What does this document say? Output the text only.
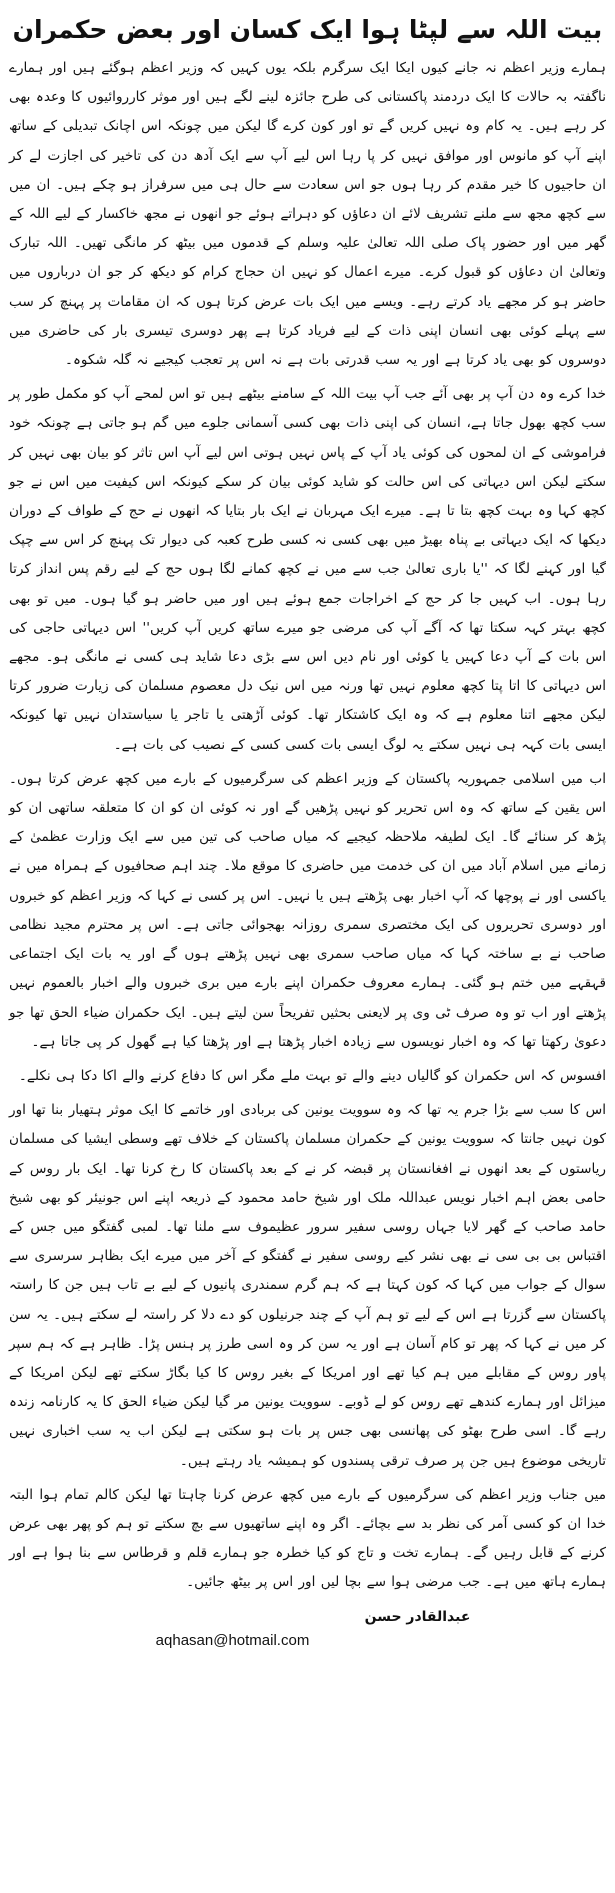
بیت اللہ سے لپٹا ہوا ایک کسان اور بعض حکمران

ہمارے وزیر اعظم نہ جانے کیوں ایکا ایک سرگرم بلکہ یوں کہیں کہ وزیر اعظم ہوگئے ہیں اور ہمارے ناگفتہ بہ حالات کا ایک دردمند پاکستانی کی طرح جائزہ لینے لگے ہیں اور موثر کارروائیوں کا وعدہ بھی کر رہے ہیں۔ یہ کام وہ نہیں کریں گے تو اور کون کرے گا لیکن میں چونکہ اس اچانک تبدیلی کے ساتھ اپنے آپ کو مانوس اور موافق نہیں کر پا رہا اس لیے آپ سے ایک آدھ دن کی تاخیر کی اجازت لے کر ان حاجیوں کا خیر مقدم کر رہا ہوں جو اس سعادت سے حال ہی میں سرفراز ہو چکے ہیں۔ ان میں سے کچھ مجھ سے ملنے تشریف لائے ان دعاؤں کو دہراتے ہوئے جو انھوں نے مجھ خاکسار کے لیے اللہ کے گھر میں اور حضور پاک صلی اللہ تعالیٰ علیہ وسلم کے قدموں میں بیٹھ کر مانگی تھیں۔ اللہ تبارک وتعالیٰ ان دعاؤں کو قبول کرے۔ میرے اعمال کو نہیں ان حجاج کرام کو دیکھ کر جو ان درباروں میں حاضر ہو کر مجھے یاد کرتے رہے۔ ویسے میں ایک بات عرض کرتا ہوں کہ ان مقامات پر پہنچ کر سب سے پہلے کوئی بھی انسان اپنی ذات کے لیے فریاد کرتا ہے پھر دوسری تیسری بار کی حاضری میں دوسروں کو بھی یاد کرتا ہے اور یہ سب قدرتی بات ہے نہ اس پر تعجب کیجیے نہ گلہ شکوہ۔

خدا کرے وہ دن آپ پر بھی آئے جب آپ بیت اللہ کے سامنے بیٹھے ہیں تو اس لمحے آپ کو مکمل طور پر سب کچھ بھول جاتا ہے، انسان کی اپنی ذات بھی کسی آسمانی جلوے میں گم ہو جاتی ہے چونکہ خود فراموشی کے ان لمحوں کی کوئی یاد آپ کے پاس نہیں ہوتی اس لیے آپ اس تاثر کو بیان بھی نہیں کر سکتے لیکن اس دیہاتی کی اس حالت کو شاید کوئی بیان کر سکے کیونکہ اس کیفیت میں اس نے جو کچھ کہا وہ بہت کچھ بتا تا ہے۔ میرے ایک مہربان نے ایک بار بتایا کہ انھوں نے حج کے طواف کے دوران دیکھا کہ ایک دیہاتی بے پناہ بھیڑ میں بھی کسی نہ کسی طرح کعبہ کی دیوار تک پہنچ کر اس سے چپک گیا اور کہنے لگا کہ ''یا باری تعالیٰ جب سے میں نے کچھ کمانے لگا ہوں حج کے لیے رقم پس انداز کرتا رہا ہوں۔ اب کہیں جا کر حج کے اخراجات جمع ہوئے ہیں اور میں حاضر ہو گیا ہوں۔ میں تو بھی کچھ بہتر کہہ سکتا تھا کہ آگے آپ کی مرضی جو میرے ساتھ کریں آپ کریں'' اس دیہاتی حاجی کی اس بات کے آپ دعا کہیں یا کوئی اور نام دیں اس سے بڑی دعا شاید ہی کسی نے مانگی ہو۔ مجھے اس دیہاتی کا اتا پتا کچھ معلوم نہیں تھا ورنہ میں اس نیک دل معصوم مسلمان کی زیارت ضرور کرتا لیکن مجھے اتنا معلوم ہے کہ وہ ایک کاشتکار تھا۔ کوئی آڑھتی یا تاجر یا سیاستدان نہیں تھا کیونکہ ایسی بات کہہ ہی نہیں سکتے یہ لوگ ایسی بات کسی کسی کے نصیب کی بات ہے۔

اب میں اسلامی جمہوریہ پاکستان کے وزیر اعظم کی سرگرمیوں کے بارے میں کچھ عرض کرتا ہوں۔ اس یقین کے ساتھ کہ وہ اس تحریر کو نہیں پڑھیں گے اور نہ کوئی ان کو ان کا متعلقہ ساتھی ان کو پڑھ کر سنائے گا۔ ایک لطیفہ ملاحظہ کیجیے کہ میاں صاحب کی تین میں سے ایک وزارت عظمیٰ کے زمانے میں اسلام آباد میں ان کی خدمت میں حاضری کا موقع ملا۔ چند اہم صحافیوں کے ہمراہ میں نے یاکسی اور نے پوچھا کہ آپ اخبار بھی پڑھتے ہیں یا نہیں۔ اس پر کسی نے کہا کہ وزیر اعظم کو خبروں اور دوسری تحریروں کی ایک مختصری سمری روزانہ بھجوائی جاتی ہے۔ اس پر محترم مجید نظامی صاحب نے بے ساختہ کہا کہ میاں صاحب سمری بھی نہیں پڑھتے ہوں گے اور یہ بات ایک اجتماعی قہقہے میں ختم ہو گئی۔ ہمارے معروف حکمران اپنے بارے میں بری خبروں والے اخبار بالعموم نہیں پڑھتے اور اب تو وہ صرف ٹی وی پر لایعنی بحثیں تفریحاً سن لیتے ہیں۔ ایک حکمران ضیاء الحق تھا جو دعویٰ رکھتا تھا کہ وہ اخبار نویسوں سے زیادہ اخبار پڑھتا ہے اور پڑھتا کیا ہے گھول کر پی جاتا ہے۔

افسوس کہ اس حکمران کو گالیاں دینے والے تو بہت ملے مگر اس کا دفاع کرنے والے اکا دکا ہی نکلے۔

اس کا سب سے بڑا جرم یہ تھا کہ وہ سوویت یونین کی بربادی اور خاتمے کا ایک موثر ہتھیار بنا تھا اور کون نہیں جانتا کہ سوویت یونین کے حکمران مسلمان پاکستان کے خلاف تھے وسطی ایشیا کی مسلمان ریاستوں کے بعد انھوں نے افغانستان پر قبضہ کر نے کے بعد پاکستان کا رخ کرنا تھا۔ ایک بار روس کے حامی بعض اہم اخبار نویس عبداللہ ملک اور شیخ حامد محمود کے ذریعہ اپنے اس جونیئر کو بھی شیخ حامد صاحب کے گھر لایا جہاں روسی سفیر سرور عظیموف سے ملنا تھا۔ لمبی گفتگو میں جس کے اقتباس بی بی سی نے بھی نشر کیے روسی سفیر نے گفتگو کے آخر میں میرے ایک بظاہر سرسری سے سوال کے جواب میں کہا کہ کون کہتا ہے کہ ہم گرم سمندری پانیوں کے لیے بے تاب ہیں جن کا راستہ پاکستان سے گزرتا ہے اس کے لیے تو ہم آپ کے چند جرنیلوں کو دے دلا کر راستہ لے سکتے ہیں۔ یہ سن کر میں نے کہا کہ پھر تو کام آسان ہے اور یہ سن کر وہ اسی طرز پر ہنس پڑا۔ ظاہر ہے کہ ہم سپر پاور روس کے مقابلے میں ہم کیا تھے اور امریکا کے بغیر روس کا کیا بگاڑ سکتے تھے لیکن امریکا کے میزائل اور ہمارے کندھے تھے روس کو لے ڈوبے۔ سوویت یونین مر گیا لیکن ضیاء الحق کا یہ کارنامہ زندہ رہے گا۔ اسی طرح بھٹو کی پھانسی بھی جس پر بات ہو سکتی ہے لیکن اب یہ سب اخباری نہیں تاریخی موضوع ہیں جن پر صرف ترقی پسندوں کو ہمیشہ یاد رہتے ہیں۔

میں جناب وزیر اعظم کی سرگرمیوں کے بارے میں کچھ عرض کرنا چاہتا تھا لیکن کالم تمام ہوا البتہ خدا ان کو کسی آمر کی نظر بد سے بچائے۔ اگر وہ اپنے ساتھیوں سے بچ سکتے تو ہم کو پھر بھی عرض کرنے کے قابل رہیں گے۔ ہمارے تخت و تاج کو کیا خطرہ جو ہمارے قلم و قرطاس سے بنا ہوا ہے اور ہمارے ہاتھ میں ہے۔ جب مرضی ہوا سے بچا لیں اور اس پر بیٹھ جائیں۔

عبدالقادر حسن
aqhasan@hotmail.com
